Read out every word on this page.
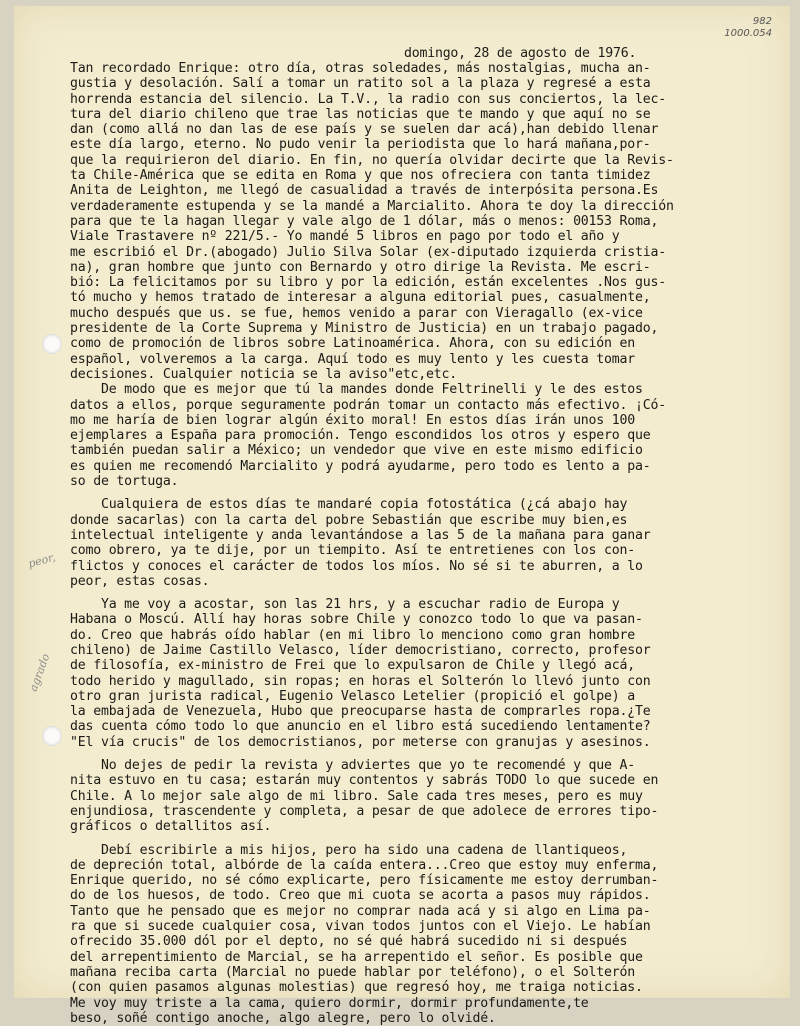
982
1000.054
peor,
agrado

domingo, 28 de agosto de 1976.

Tan recordado Enrique: otro día, otras soledades, más nostalgias, mucha an-
gustia y desolación. Salí a tomar un ratito sol a la plaza y regresé a esta
horrenda estancia del silencio. La T.V., la radio con sus conciertos, la lec-
tura del diario chileno que trae las noticias que te mando y que aquí no se
dan (como allá no dan las de ese país y se suelen dar acá),han debido llenar
este día largo, eterno. No pudo venir la periodista que lo hará mañana,por-
que la requirieron del diario. En fin, no quería olvidar decirte que la Revis-
ta Chile-América que se edita en Roma y que nos ofreciera con tanta timidez
Anita de Leighton, me llegó de casualidad a través de interpósita persona.Es
verdaderamente estupenda y se la mandé a Marcialito. Ahora te doy la dirección
para que te la hagan llegar y vale algo de 1 dólar, más o menos: 00153 Roma,
Viale Trastavere nº 221/5.- Yo mandé 5 libros en pago por todo el año y
me escribió el Dr.(abogado) Julio Silva Solar (ex-diputado izquierda cristia-
na), gran hombre que junto con Bernardo y otro dirige la Revista. Me escri-
bió: La felicitamos por su libro y por la edición, están excelentes .Nos gus-
tó mucho y hemos tratado de interesar a alguna editorial pues, casualmente,
mucho después que us. se fue, hemos venido a parar con Vieragallo (ex-vice
presidente de la Corte Suprema y Ministro de Justicia) en un trabajo pagado,
como de promoción de libros sobre Latinoamérica. Ahora, con su edición en
español, volveremos a la carga. Aquí todo es muy lento y les cuesta tomar
decisiones. Cualquier noticia se la aviso"etc,etc.

De modo que es mejor que tú la mandes donde Feltrinelli y le des estos
datos a ellos, porque seguramente podrán tomar un contacto más efectivo. ¡Có-
mo me haría de bien lograr algún éxito moral! En estos días irán unos 100
ejemplares a España para promoción. Tengo escondidos los otros y espero que
también puedan salir a México; un vendedor que vive en este mismo edificio
es quien me recomendó Marcialito y podrá ayudarme, pero todo es lento a pa-
so de tortuga.

Cualquiera de estos días te mandaré copia fotostática (¿cá abajo hay
donde sacarlas) con la carta del pobre Sebastián que escribe muy bien,es
intelectual inteligente y anda levantándose a las 5 de la mañana para ganar
como obrero, ya te dije, por un tiempito. Así te entretienes con los con-
flictos y conoces el carácter de todos los míos. No sé si te aburren, a lo
peor, estas cosas.

Ya me voy a acostar, son las 21 hrs, y a escuchar radio de Europa y
Habana o Moscú. Allí hay horas sobre Chile y conozco todo lo que va pasan-
do. Creo que habrás oído hablar (en mi libro lo menciono como gran hombre
chileno) de Jaime Castillo Velasco, líder democristiano, correcto, profesor
de filosofía, ex-ministro de Frei que lo expulsaron de Chile y llegó acá,
todo herido y magullado, sin ropas; en horas el Solterón lo llevó junto con
otro gran jurista radical, Eugenio Velasco Letelier (propició el golpe) a
la embajada de Venezuela, Hubo que preocuparse hasta de comprarles ropa.¿Te
das cuenta cómo todo lo que anuncio en el libro está sucediendo lentamente?
"El vía crucis" de los democristianos, por meterse con granujas y asesinos.

No dejes de pedir la revista y adviertes que yo te recomendé y que A-
nita estuvo en tu casa; estarán muy contentos y sabrás TODO lo que sucede en
Chile. A lo mejor sale algo de mi libro. Sale cada tres meses, pero es muy
enjundiosa, trascendente y completa, a pesar de que adolece de errores tipo-
gráficos o detallitos así.

Debí escribirle a mis hijos, pero ha sido una cadena de llantiqueos,
de depreción total, albórde de la caída entera...Creo que estoy muy enferma,
Enrique querido, no sé cómo explicarte, pero físicamente me estoy derrumban-
do de los huesos, de todo. Creo que mi cuota se acorta a pasos muy rápidos.
Tanto que he pensado que es mejor no comprar nada acá y si algo en Lima pa-
ra que si sucede cualquier cosa, vivan todos juntos con el Viejo. Le habían
ofrecido 35.000 dól por el depto, no sé qué habrá sucedido ni si después
del arrepentimiento de Marcial, se ha arrepentido el señor. Es posible que
mañana reciba carta (Marcial no puede hablar por teléfono), o el Solterón
(con quien pasamos algunas molestias) que regresó hoy, me traiga noticias.
Me voy muy triste a la cama, quiero dormir, dormir profundamente,te
beso, soñé contigo anoche, algo alegre, pero lo olvidé.
